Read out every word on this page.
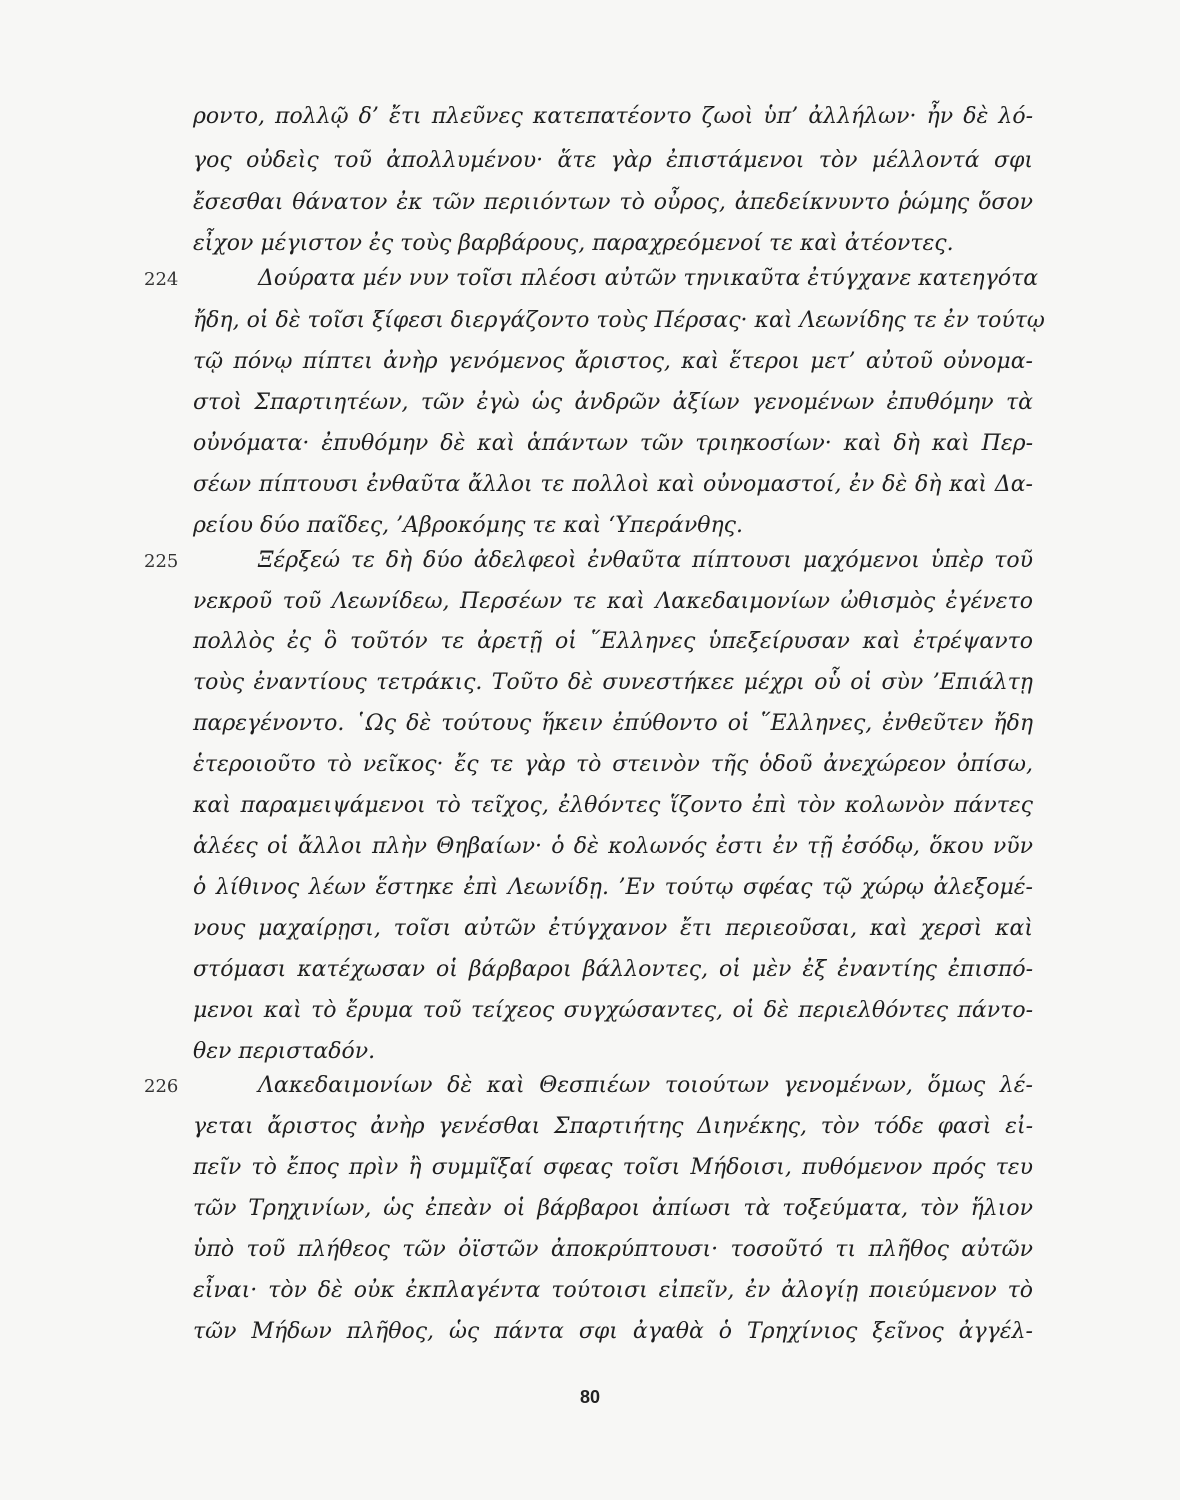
ροντο, πολλῷ δ’ ἔτι πλεῦνες κατεπατέοντο ζωοὶ ὑπ’ ἀλλήλων· ἦν δὲ λό-
γος οὐδεὶς τοῦ ἀπολλυμένου· ἅτε γὰρ ἐπιστάμενοι τὸν μέλλοντά σφι
ἔσεσθαι θάνατον ἐκ τῶν περιιόντων τὸ οὖρος, ἀπεδείκνυντο ῥώμης ὅσον
εἶχον μέγιστον ἐς τοὺς βαρβάρους, παραχρεόμενοί τε καὶ ἀτέοντες.
224	Δούρατα μέν νυν τοῖσι πλέοσι αὐτῶν τηνικαῦτα ἐτύγχανε κατεηγότα
ἤδη, οἱ δὲ τοῖσι ξίφεσι διεργάζοντο τοὺς Πέρσας· καὶ Λεωνίδης τε ἐν τούτῳ
τῷ πόνῳ πίπτει ἀνὴρ γενόμενος ἄριστος, καὶ ἕτεροι μετ’ αὐτοῦ οὐνομα-
στοὶ Σπαρτιητέων, τῶν ἐγὼ ὡς ἀνδρῶν ἀξίων γενομένων ἐπυθόμην τὰ
οὐνόματα· ἐπυθόμην δὲ καὶ ἁπάντων τῶν τριηκοσίων· καὶ δὴ καὶ Περ-
σέων πίπτουσι ἐνθαῦτα ἄλλοι τε πολλοὶ καὶ οὐνομαστοί, ἐν δὲ δὴ καὶ Δα-
ρείου δύο παῖδες, ’Αβροκόμης τε καὶ ‘Υπεράνθης.
225	Ξέρξεώ τε δὴ δύο ἀδελφεοὶ ἐνθαῦτα πίπτουσι μαχόμενοι ὑπὲρ τοῦ
νεκροῦ τοῦ Λεωνίδεω, Περσέων τε καὶ Λακεδαιμονίων ὠθισμὸς ἐγένετο
πολλὸς ἐς ὃ τοῦτόν τε ἀρετῇ οἱ ῞Ελληνες ὑπεξείρυσαν καὶ ἐτρέψαντο
τοὺς ἐναντίους τετράκις. Τοῦτο δὲ συνεστήκεε μέχρι οὗ οἱ σὺν ’Επιάλτῃ
παρεγένοντο. ῾Ως δὲ τούτους ἥκειν ἐπύθοντο οἱ ῞Ελληνες, ἐνθεῦτεν ἤδη
ἑτεροιοῦτο τὸ νεῖκος· ἔς τε γὰρ τὸ στεινὸν τῆς ὁδοῦ ἀνεχώρεον ὀπίσω,
καὶ παραμειψάμενοι τὸ τεῖχος, ἐλθόντες ἵζοντο ἐπὶ τὸν κολωνὸν πάντες
ἁλέες οἱ ἄλλοι πλὴν Θηβαίων· ὁ δὲ κολωνός ἐστι ἐν τῇ ἐσόδῳ, ὅκου νῦν
ὁ λίθινος λέων ἕστηκε ἐπὶ Λεωνίδῃ. ’Εν τούτῳ σφέας τῷ χώρῳ ἀλεξομέ-
νους μαχαίρῃσι, τοῖσι αὐτῶν ἐτύγχανον ἔτι περιεοῦσαι, καὶ χερσὶ καὶ
στόμασι κατέχωσαν οἱ βάρβαροι βάλλοντες, οἱ μὲν ἐξ ἐναντίης ἐπισπό-
μενοι καὶ τὸ ἔρυμα τοῦ τείχεος συγχώσαντες, οἱ δὲ περιελθόντες πάντο-
θεν περισταδόν.
226	Λακεδαιμονίων δὲ καὶ Θεσπιέων τοιούτων γενομένων, ὅμως λέ-
γεται ἄριστος ἀνὴρ γενέσθαι Σπαρτιήτης Διηνέκης, τὸν τόδε φασὶ εἰ-
πεῖν τὸ ἔπος πρὶν ἢ συμμῖξαί σφεας τοῖσι Μήδοισι, πυθόμενον πρός τευ
τῶν Τρηχινίων, ὡς ἐπεὰν οἱ βάρβαροι ἀπίωσι τὰ τοξεύματα, τὸν ἥλιον
ὑπὸ τοῦ πλήθεος τῶν ὀϊστῶν ἀποκρύπτουσι· τοσοῦτό τι πλῆθος αὐτῶν
εἶναι· τὸν δὲ οὐκ ἐκπλαγέντα τούτοισι εἰπεῖν, ἐν ἀλογίῃ ποιεύμενον τὸ
τῶν Μήδων πλῆθος, ὡς πάντα σφι ἀγαθὰ ὁ Τρηχίνιος ξεῖνος ἀγγέλ-
80
